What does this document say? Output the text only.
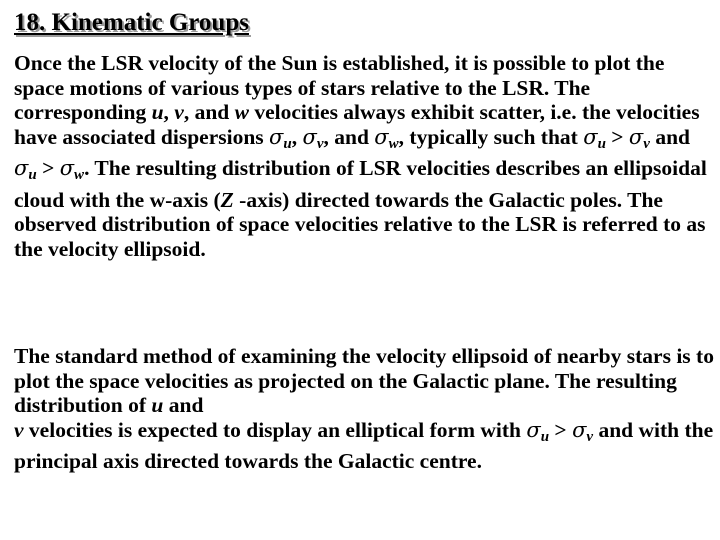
18. Kinematic Groups
Once the LSR velocity of the Sun is established, it is possible to plot the space motions of various types of stars relative to the LSR. The corresponding u, v, and w velocities always exhibit scatter, i.e. the velocities have associated dispersions $\sigma_u$, $\sigma_v$, and $\sigma_w$, typically such that $\sigma_u > \sigma_v$ and $\sigma_u > \sigma_w$. The resulting distribution of LSR velocities describes an ellipsoidal cloud with the w-axis (Z -axis) directed towards the Galactic poles. The observed distribution of space velocities relative to the LSR is referred to as the velocity ellipsoid.
The standard method of examining the velocity ellipsoid of nearby stars is to plot the space velocities as projected on the Galactic plane. The resulting distribution of u and
v velocities is expected to display an elliptical form with $\sigma_u > \sigma_v$ and with the principal axis directed towards the Galactic centre.
